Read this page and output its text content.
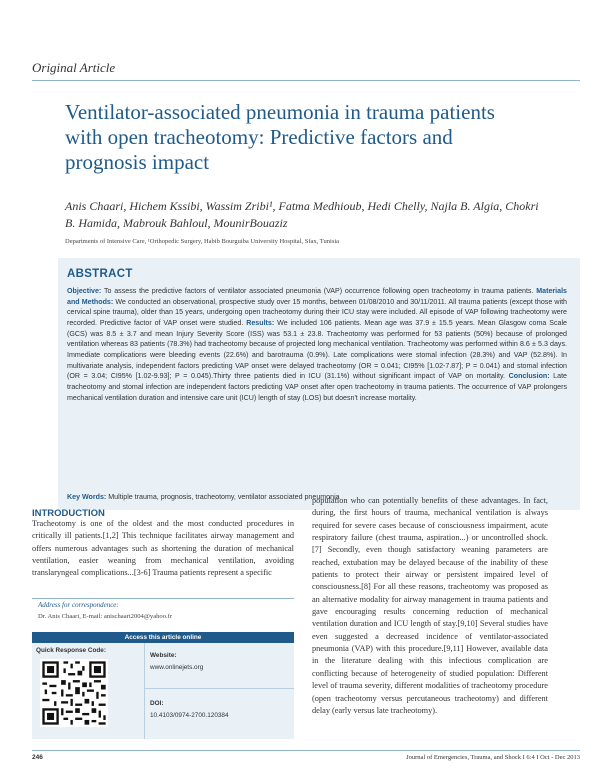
Original Article
Ventilator-associated pneumonia in trauma patients with open tracheotomy: Predictive factors and prognosis impact
Anis Chaari, Hichem Kssibi, Wassim Zribi¹, Fatma Medhioub, Hedi Chelly, Najla B. Algia, Chokri B. Hamida, Mabrouk Bahloul, MounirBouaziz
Departments of Intensive Care, ¹Orthopedic Surgery, Habib Bourguiba University Hospital, Sfax, Tunisia
ABSTRACT
Objective: To assess the predictive factors of ventilator associated pneumonia (VAP) occurrence following open tracheotomy in trauma patients. Materials and Methods: We conducted an observational, prospective study over 15 months, between 01/08/2010 and 30/11/2011. All trauma patients (except those with cervical spine trauma), older than 15 years, undergoing open tracheotomy during their ICU stay were included. All episode of VAP following tracheotomy were recorded. Predictive factor of VAP onset were studied. Results: We included 106 patients. Mean age was 37.9 ± 15.5 years. Mean Glasgow coma Scale (GCS) was 8.5 ± 3.7 and mean Injury Severity Score (ISS) was 53.1 ± 23.8. Tracheotomy was performed for 53 patients (50%) because of prolonged ventilation whereas 83 patients (78.3%) had tracheotomy because of projected long mechanical ventilation. Tracheotomy was performed within 8.6 ± 5.3 days. Immediate complications were bleeding events (22.6%) and barotrauma (0.9%). Late complications were stomal infection (28.3%) and VAP (52.8%). In multivariate analysis, independent factors predicting VAP onset were delayed tracheotomy (OR = 0.041; CI95% [1.02-7.87]; P = 0.041) and stomal infection (OR = 3.04; CI95% [1.02-9.93]; P = 0.045).Thirty three patients died in ICU (31.1%) without significant impact of VAP on mortality. Conclusion: Late tracheotomy and stomal infection are independent factors predicting VAP onset after open tracheotomy in trauma patients. The occurrence of VAP prolongers mechanical ventilation duration and intensive care unit (ICU) length of stay (LOS) but doesn't increase mortality.
Key Words: Multiple trauma, prognosis, tracheotomy, ventilator associated pneumonia
INTRODUCTION
Tracheotomy is one of the oldest and the most conducted procedures in critically ill patients.[1,2] This technique facilitates airway management and offers numerous advantages such as shortening the duration of mechanical ventilation, easier weaning from mechanical ventilation, avoiding translaryngeal complications...[3-6] Trauma patients represent a specific
population who can potentially benefits of these advantages. In fact, during, the first hours of trauma, mechanical ventilation is always required for severe cases because of consciousness impairment, acute respiratory failure (chest trauma, aspiration...) or uncontrolled shock.[7] Secondly, even though satisfactory weaning parameters are reached, extubation may be delayed because of the inability of these patients to protect their airway or persistent impaired level of consciousness.[8] For all these reasons, tracheotomy was proposed as an alternative modality for airway management in trauma patients and gave encouraging results concerning reduction of mechanical ventilation duration and ICU length of stay.[9,10] Several studies have even suggested a decreased incidence of ventilator-associated pneumonia (VAP) with this procedure.[9,11] However, available data in the literature dealing with this infectious complication are conflicting because of heterogeneity of studied population: Different level of trauma severity, different modalities of tracheotomy procedure (open tracheotomy versus percutaneous tracheotomy) and different delay (early versus late tracheotomy).
Address for correspondence:
Dr. Anis Chaari, E-mail: anischaari2004@yahoo.fr
Access this article online
Quick Response Code:
Website:
www.onlinejets.org
DOI:
10.4103/0974-2700.120384
246	Journal of Emergencies, Trauma, and Shock I 6:4 I Oct - Dec 2013
